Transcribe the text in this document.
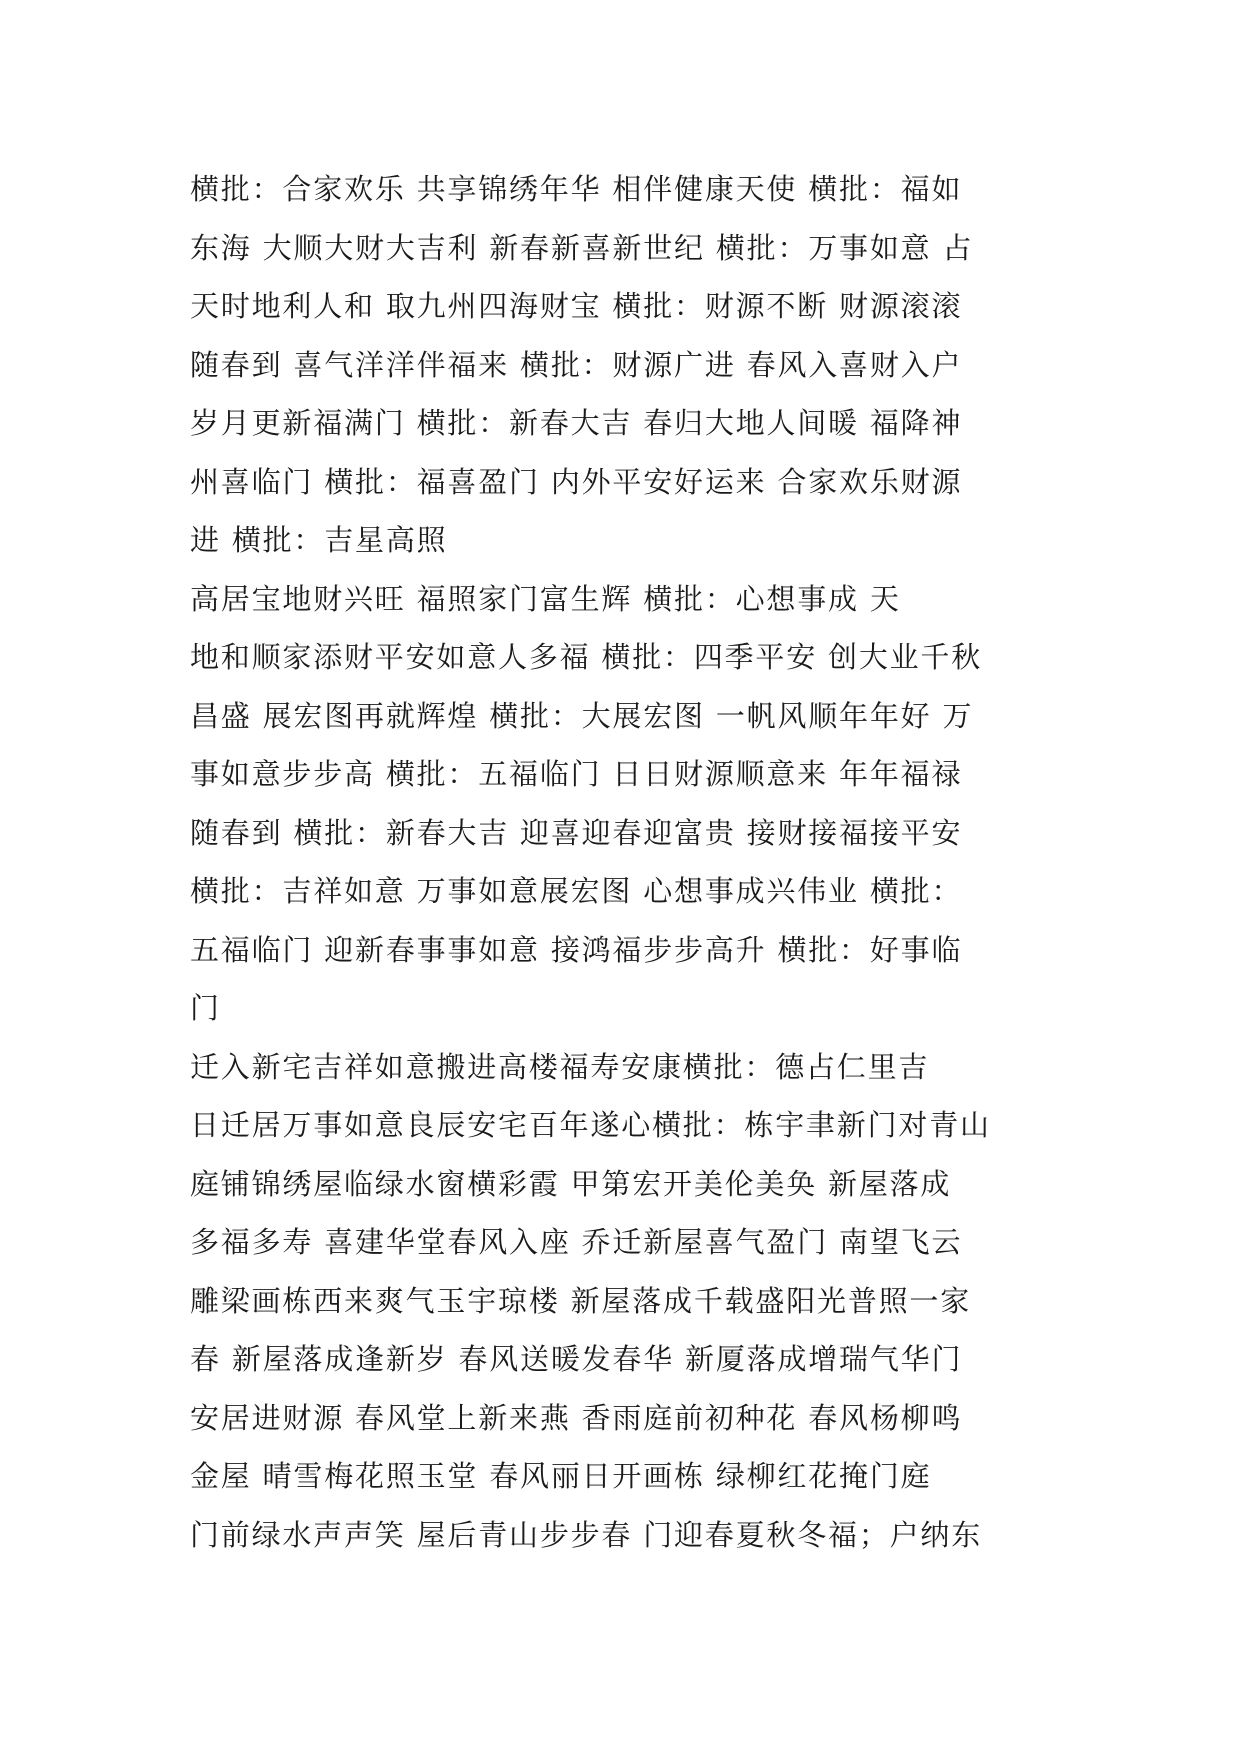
横批：合家欢乐 共享锦绣年华 相伴健康天使 横批：福如
东海 大顺大财大吉利 新春新喜新世纪 横批：万事如意 占
天时地利人和 取九州四海财宝 横批：财源不断 财源滚滚
随春到 喜气洋洋伴福来 横批：财源广进 春风入喜财入户
岁月更新福满门 横批：新春大吉 春归大地人间暖 福降神
州喜临门 横批：福喜盈门 内外平安好运来 合家欢乐财源
进 横批：吉星高照
高居宝地财兴旺 福照家门富生辉 横批：心想事成 天
地和顺家添财平安如意人多福 横批：四季平安 创大业千秋
昌盛 展宏图再就辉煌 横批：大展宏图 一帆风顺年年好 万
事如意步步高 横批：五福临门 日日财源顺意来 年年福禄
随春到 横批：新春大吉 迎喜迎春迎富贵 接财接福接平安
横批：吉祥如意 万事如意展宏图 心想事成兴伟业 横批：
五福临门 迎新春事事如意 接鸿福步步高升 横批：好事临
门
迁入新宅吉祥如意搬进高楼福寿安康横批：德占仁里吉
日迁居万事如意良辰安宅百年遂心横批：栋宇聿新门对青山
庭铺锦绣屋临绿水窗横彩霞 甲第宏开美伦美奂 新屋落成
多福多寿 喜建华堂春风入座 乔迁新屋喜气盈门 南望飞云
雕梁画栋西来爽气玉宇琼楼 新屋落成千载盛阳光普照一家
春 新屋落成逢新岁 春风送暖发春华 新厦落成增瑞气华门
安居进财源 春风堂上新来燕 香雨庭前初种花 春风杨柳鸣
金屋 晴雪梅花照玉堂 春风丽日开画栋 绿柳红花掩门庭
门前绿水声声笑 屋后青山步步春 门迎春夏秋冬福；户纳东
